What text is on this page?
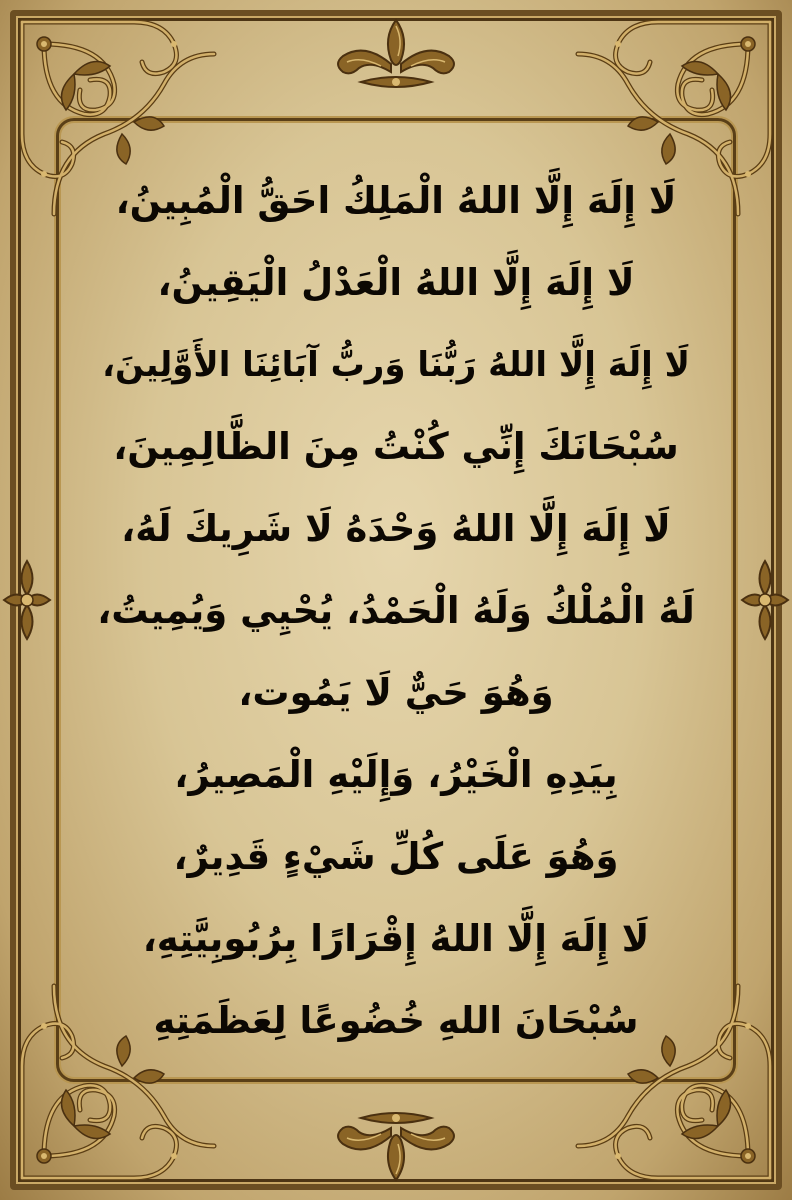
لَا إِلَهَ إِلَّا اللهُ الْمَلِكُ احَقُّ الْمُبِينُ،
لَا إِلَهَ إِلَّا اللهُ الْعَدْلُ الْيَقِينُ،
لَا إِلَهَ إِلَّا اللهُ رَبُّنَا وَربُّ آبَائِنَا الأَوَّلِينَ،
سُبْحَانَكَ إِنِّي كُنْتُ مِنَ الظَّالِمِينَ،
لَا إِلَهَ إِلَّا اللهُ وَحْدَهُ لَا شَرِيكَ لَهُ،
لَهُ الْمُلْكُ وَلَهُ الْحَمْدُ، يُحْيِي وَيُمِيتُ،
وَهُوَ حَيٌّ لَا يَمُوت،
بِيَدِهِ الْخَيْرُ، وَإِلَيْهِ الْمَصِيرُ،
وَهُوَ عَلَى كُلِّ شَيْءٍ قَدِيرٌ،
لَا إِلَهَ إِلَّا اللهُ إِقْرَارًا بِرُبُوبِيَّتِهِ،
سُبْحَانَ اللهِ خُضُوعًا لِعَظَمَتِهِ
